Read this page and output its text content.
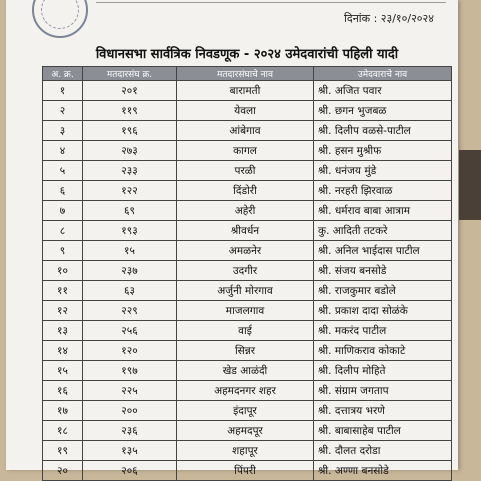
दिनांक : २३/१०/२०२४
विधानसभा सार्वत्रिक निवडणूक - २०२४ उमेदवारांची पहिली यादी
अ. क्र.	मतदारसंघ क्र.	मतदारसंघाचे नाव	उमेदवाराचे नाव
१	२०१	बारामती	श्री. अजित पवार
२	११९	येवला	श्री. छगन भुजबळ
३	१९६	आंबेगाव	श्री. दिलीप वळसे-पाटील
४	२७३	कागल	श्री. हसन मुश्रीफ
५	२३३	परळी	श्री. धनंजय मुंडे
६	१२२	दिंडोरी	श्री. नरहरी झिरवाळ
७	६९	अहेरी	श्री. धर्मराव बाबा आत्राम
८	१९३	श्रीवर्धन	कु. आदिती तटकरे
९	१५	अमळनेर	श्री. अनिल भाईदास पाटील
१०	२३७	उदगीर	श्री. संजय बनसोडे
११	६३	अर्जुनी मोरगाव	श्री. राजकुमार बडोले
१२	२२९	माजलगाव	श्री. प्रकाश दादा सोळंके
१३	२५६	वाई	श्री. मकरंद पाटील
१४	१२०	सिन्नर	श्री. माणिकराव कोकाटे
१५	१९७	खेड आळंदी	श्री. दिलीप मोहिते
१६	२२५	अहमदनगर शहर	श्री. संग्राम जगताप
१७	२००	इंदापूर	श्री. दत्तात्रय भरणे
१८	२३६	अहमदपूर	श्री. बाबासाहेब पाटील
१९	१३५	शहापूर	श्री. दौलत दरोडा
२०	२०६	पिंपरी	श्री. अण्णा बनसोडे
